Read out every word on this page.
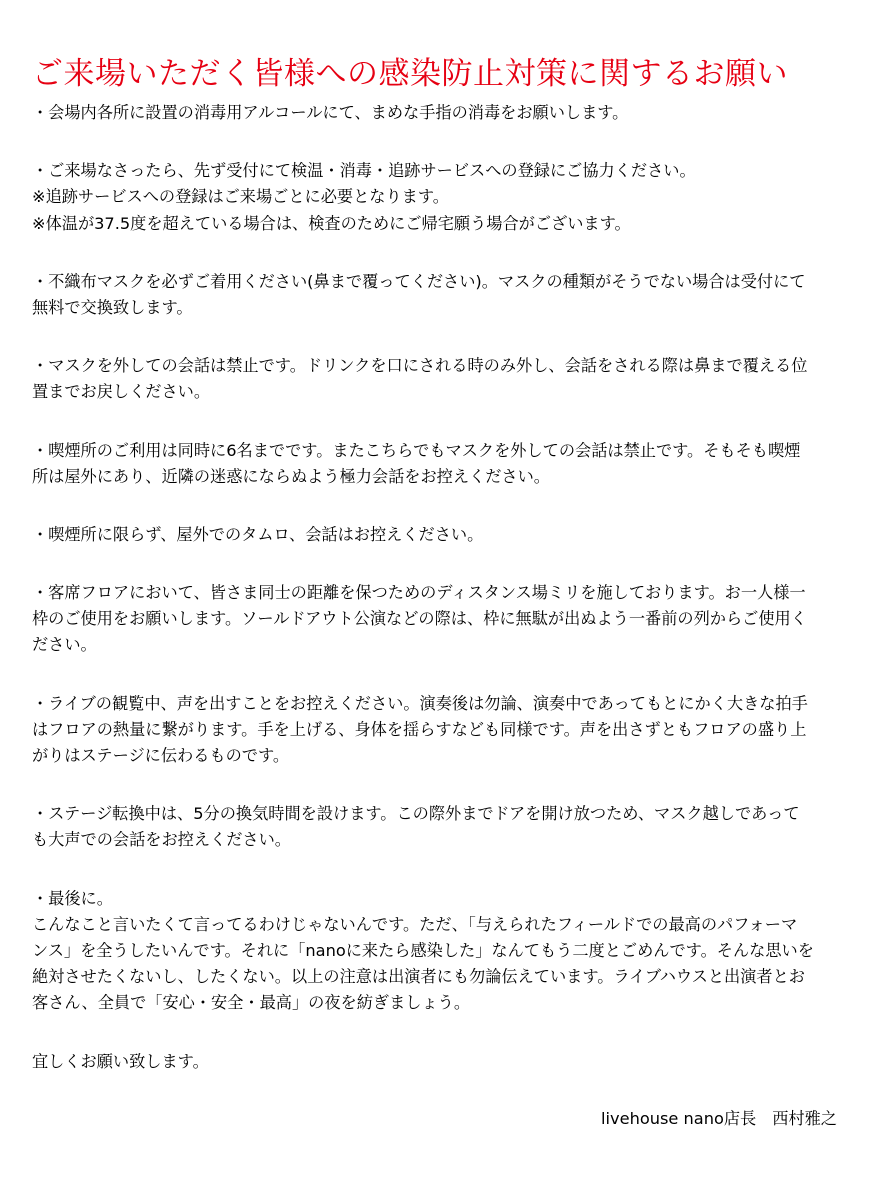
ご来場いただく皆様への感染防止対策に関するお願い
・会場内各所に設置の消毒用アルコールにて、まめな手指の消毒をお願いします。
・ご来場なさったら、先ず受付にて検温・消毒・追跡サービスへの登録にご協力ください。
※追跡サービスへの登録はご来場ごとに必要となります。
※体温が37.5度を超えている場合は、検査のためにご帰宅願う場合がございます。
・不織布マスクを必ずご着用ください(鼻まで覆ってください)。マスクの種類がそうでない場合は受付にて
無料で交換致します。
・マスクを外しての会話は禁止です。ドリンクを口にされる時のみ外し、会話をされる際は鼻まで覆える位
置までお戻しください。
・喫煙所のご利用は同時に6名までです。またこちらでもマスクを外しての会話は禁止です。そもそも喫煙
所は屋外にあり、近隣の迷惑にならぬよう極力会話をお控えください。
・喫煙所に限らず、屋外でのタムロ、会話はお控えください。
・客席フロアにおいて、皆さま同士の距離を保つためのディスタンス場ミリを施しております。お一人様一
枠のご使用をお願いします。ソールドアウト公演などの際は、枠に無駄が出ぬよう一番前の列からご使用く
ださい。
・ライブの観覧中、声を出すことをお控えください。演奏後は勿論、演奏中であってもとにかく大きな拍手
はフロアの熱量に繋がります。手を上げる、身体を揺らすなども同様です。声を出さずともフロアの盛り上
がりはステージに伝わるものです。
・ステージ転換中は、5分の換気時間を設けます。この際外までドアを開け放つため、マスク越しであって
も大声での会話をお控えください。
・最後に。
こんなこと言いたくて言ってるわけじゃないんです。ただ、「与えられたフィールドでの最高のパフォーマ
ンス」を全うしたいんです。それに「nanoに来たら感染した」なんてもう二度とごめんです。そんな思いを
絶対させたくないし、したくない。以上の注意は出演者にも勿論伝えています。ライブハウスと出演者とお
客さん、全員で「安心・安全・最高」の夜を紡ぎましょう。
宜しくお願い致します。
livehouse nano店長 西村雅之
